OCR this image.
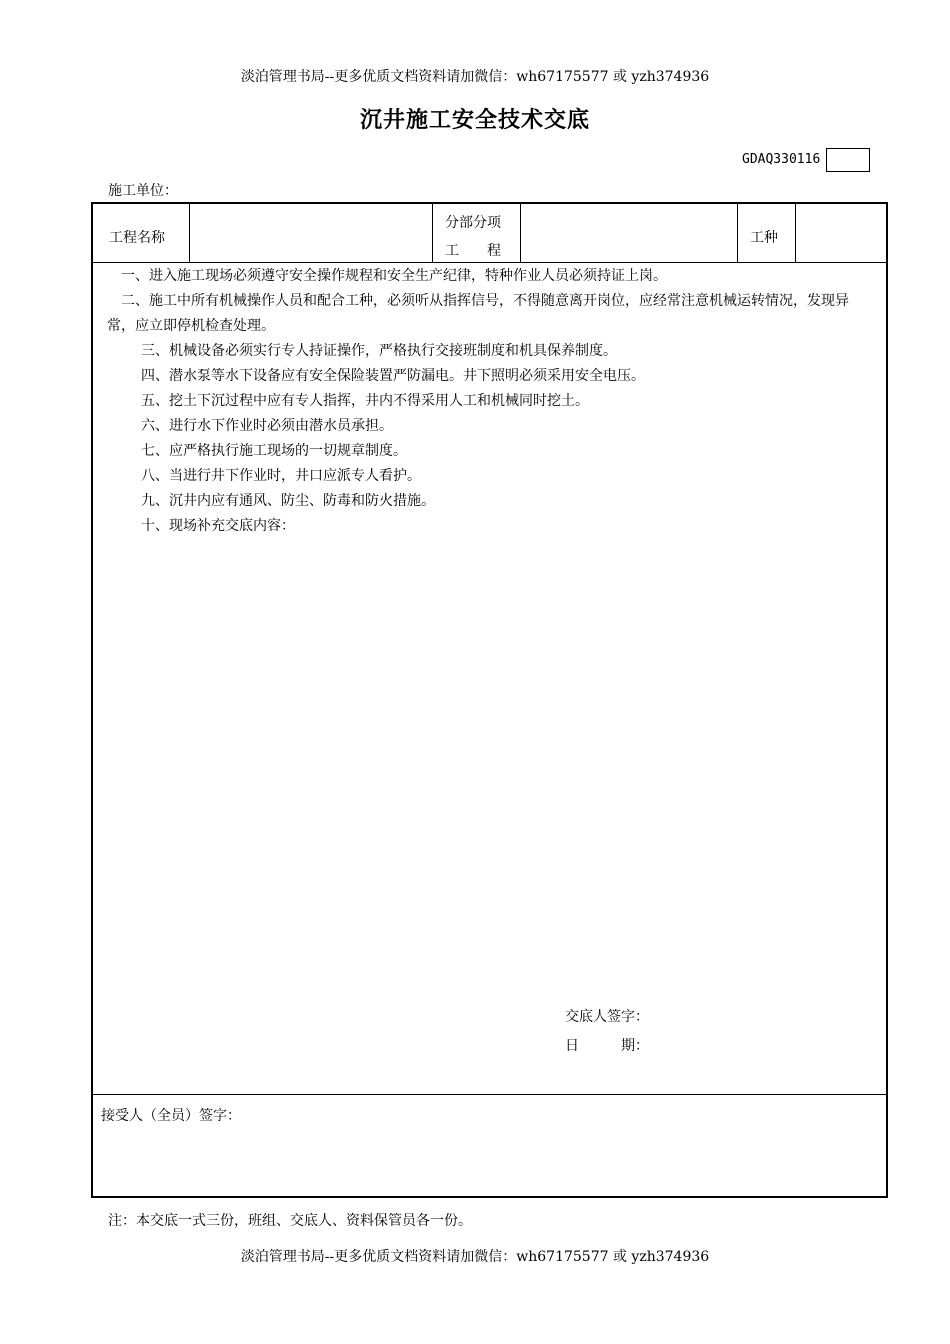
淡泊管理书局--更多优质文档资料请加微信：wh67175577 或 yzh374936
沉井施工安全技术交底
GDAQ330116
施工单位：
工程名称
分部分项
工　　程
工种

一、进入施工现场必须遵守安全操作规程和安全生产纪律，特种作业人员必须持证上岗。

二、施工中所有机械操作人员和配合工种，必须听从指挥信号，不得随意离开岗位，应经常注意机械运转情况，发现异常，应立即停机检查处理。

三、机械设备必须实行专人持证操作，严格执行交接班制度和机具保养制度。

四、潜水泵等水下设备应有安全保险装置严防漏电。井下照明必须采用安全电压。

五、挖土下沉过程中应有专人指挥，井内不得采用人工和机械同时挖土。

六、进行水下作业时必须由潜水员承担。

七、应严格执行施工现场的一切规章制度。

八、当进行井下作业时，井口应派专人看护。

九、沉井内应有通风、防尘、防毒和防火措施。

十、现场补充交底内容：

交底人签字：
日　　　期：
接受人（全员）签字：
注：本交底一式三份，班组、交底人、资料保管员各一份。
淡泊管理书局--更多优质文档资料请加微信：wh67175577 或 yzh374936
